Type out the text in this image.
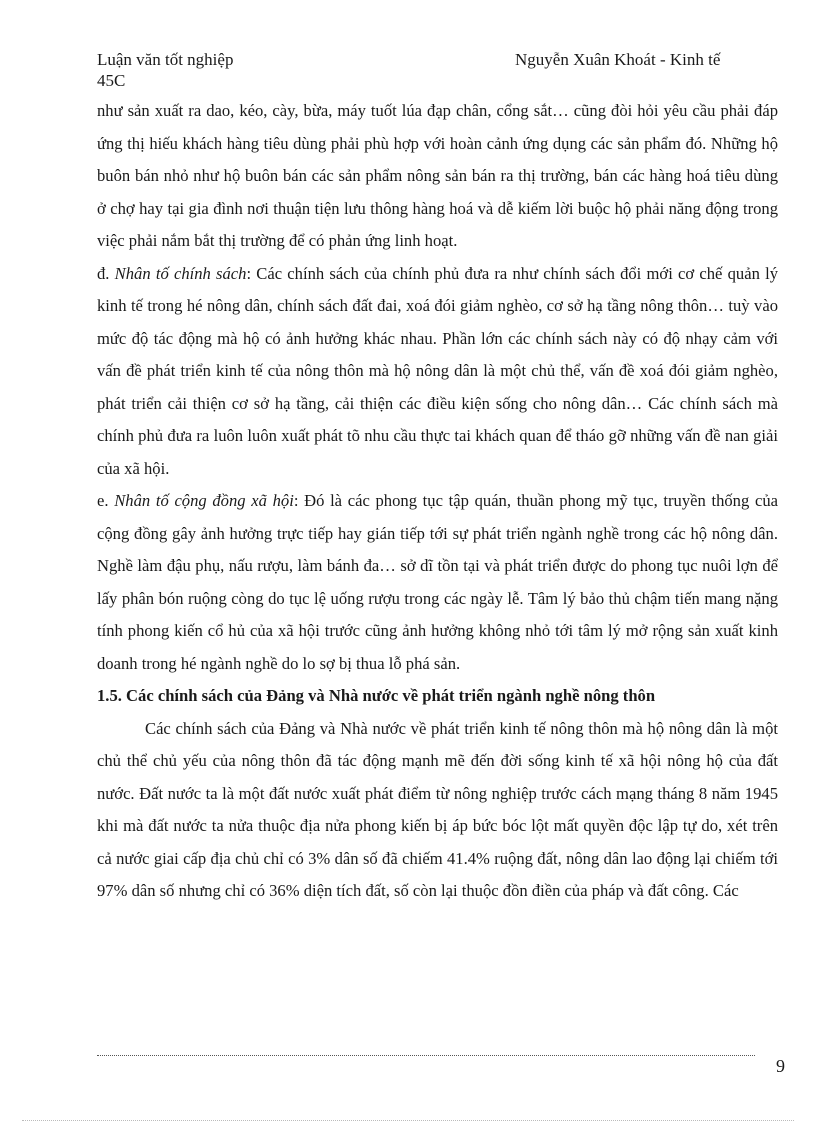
Luận văn tốt nghiệp	Nguyễn Xuân Khoát - Kinh tế
45C

như sản xuất ra dao, kéo, cày, bừa, máy tuốt lúa đạp chân, cổng sắt… cũng đòi hỏi yêu cầu phải đáp ứng thị hiếu khách hàng tiêu dùng phải phù hợp với hoàn cảnh ứng dụng các sản phẩm đó. Những hộ buôn bán nhỏ như hộ buôn bán các sản phẩm nông sản bán ra thị trường, bán các hàng hoá tiêu dùng ở chợ hay tại gia đình nơi thuận tiện lưu thông hàng hoá và dễ kiếm lời buộc hộ phải năng động trong việc phải nắm bắt thị trường để có phản ứng linh hoạt.

đ. Nhân tố chính sách: Các chính sách của chính phủ đưa ra như chính sách đổi mới cơ chế quản lý kinh tế trong hé nông dân, chính sách đất đai, xoá đói giảm nghèo, cơ sở hạ tầng nông thôn… tuỳ vào mức độ tác động mà hộ có ảnh hưởng khác nhau. Phần lớn các chính sách này có độ nhạy cảm với vấn đề phát triển kinh tế của nông thôn mà hộ nông dân là một chủ thể, vấn đề xoá đói giảm nghèo, phát triển cải thiện cơ sở hạ tầng, cải thiện các điều kiện sống cho nông dân… Các chính sách mà chính phủ đưa ra luôn luôn xuất phát tõ nhu cầu thực tai khách quan để tháo gỡ những vấn đề nan giải của xã hội.

e. Nhân tố cộng đồng xã hội: Đó là các phong tục tập quán, thuần phong mỹ tục, truyền thống của cộng đồng gây ảnh hưởng trực tiếp hay gián tiếp tới sự phát triển ngành nghề trong các hộ nông dân. Nghề làm đậu phụ, nấu rượu, làm bánh đa… sở dĩ tồn tại và phát triển được do phong tục nuôi lợn để lấy phân bón ruộng còng do tục lệ uống rượu trong các ngày lễ. Tâm lý bảo thủ chậm tiến mang nặng tính phong kiến cổ hủ của xã hội trước cũng ảnh hưởng không nhỏ tới tâm lý mở rộng sản xuất kinh doanh trong hé ngành nghề do lo sợ bị thua lỗ phá sản.

1.5. Các chính sách của Đảng và Nhà nước về phát triển ngành nghề nông thôn

Các chính sách của Đảng và Nhà nước về phát triển kinh tế nông thôn mà hộ nông dân là một chủ thể chủ yếu của nông thôn đã tác động mạnh mẽ đến đời sống kinh tế xã hội nông hộ của đất nước. Đất nước ta là một đất nước xuất phát điểm từ nông nghiệp trước cách mạng tháng 8 năm 1945 khi mà đất nước ta nửa thuộc địa nửa phong kiến bị áp bức bóc lột mất quyền độc lập tự do, xét trên cả nước giai cấp địa chủ chỉ có 3% dân số đã chiếm 41.4% ruộng đất, nông dân lao động lại chiếm tới 97% dân số nhưng chỉ có 36% diện tích đất, số còn lại thuộc đồn điền của pháp và đất công. Các

9
